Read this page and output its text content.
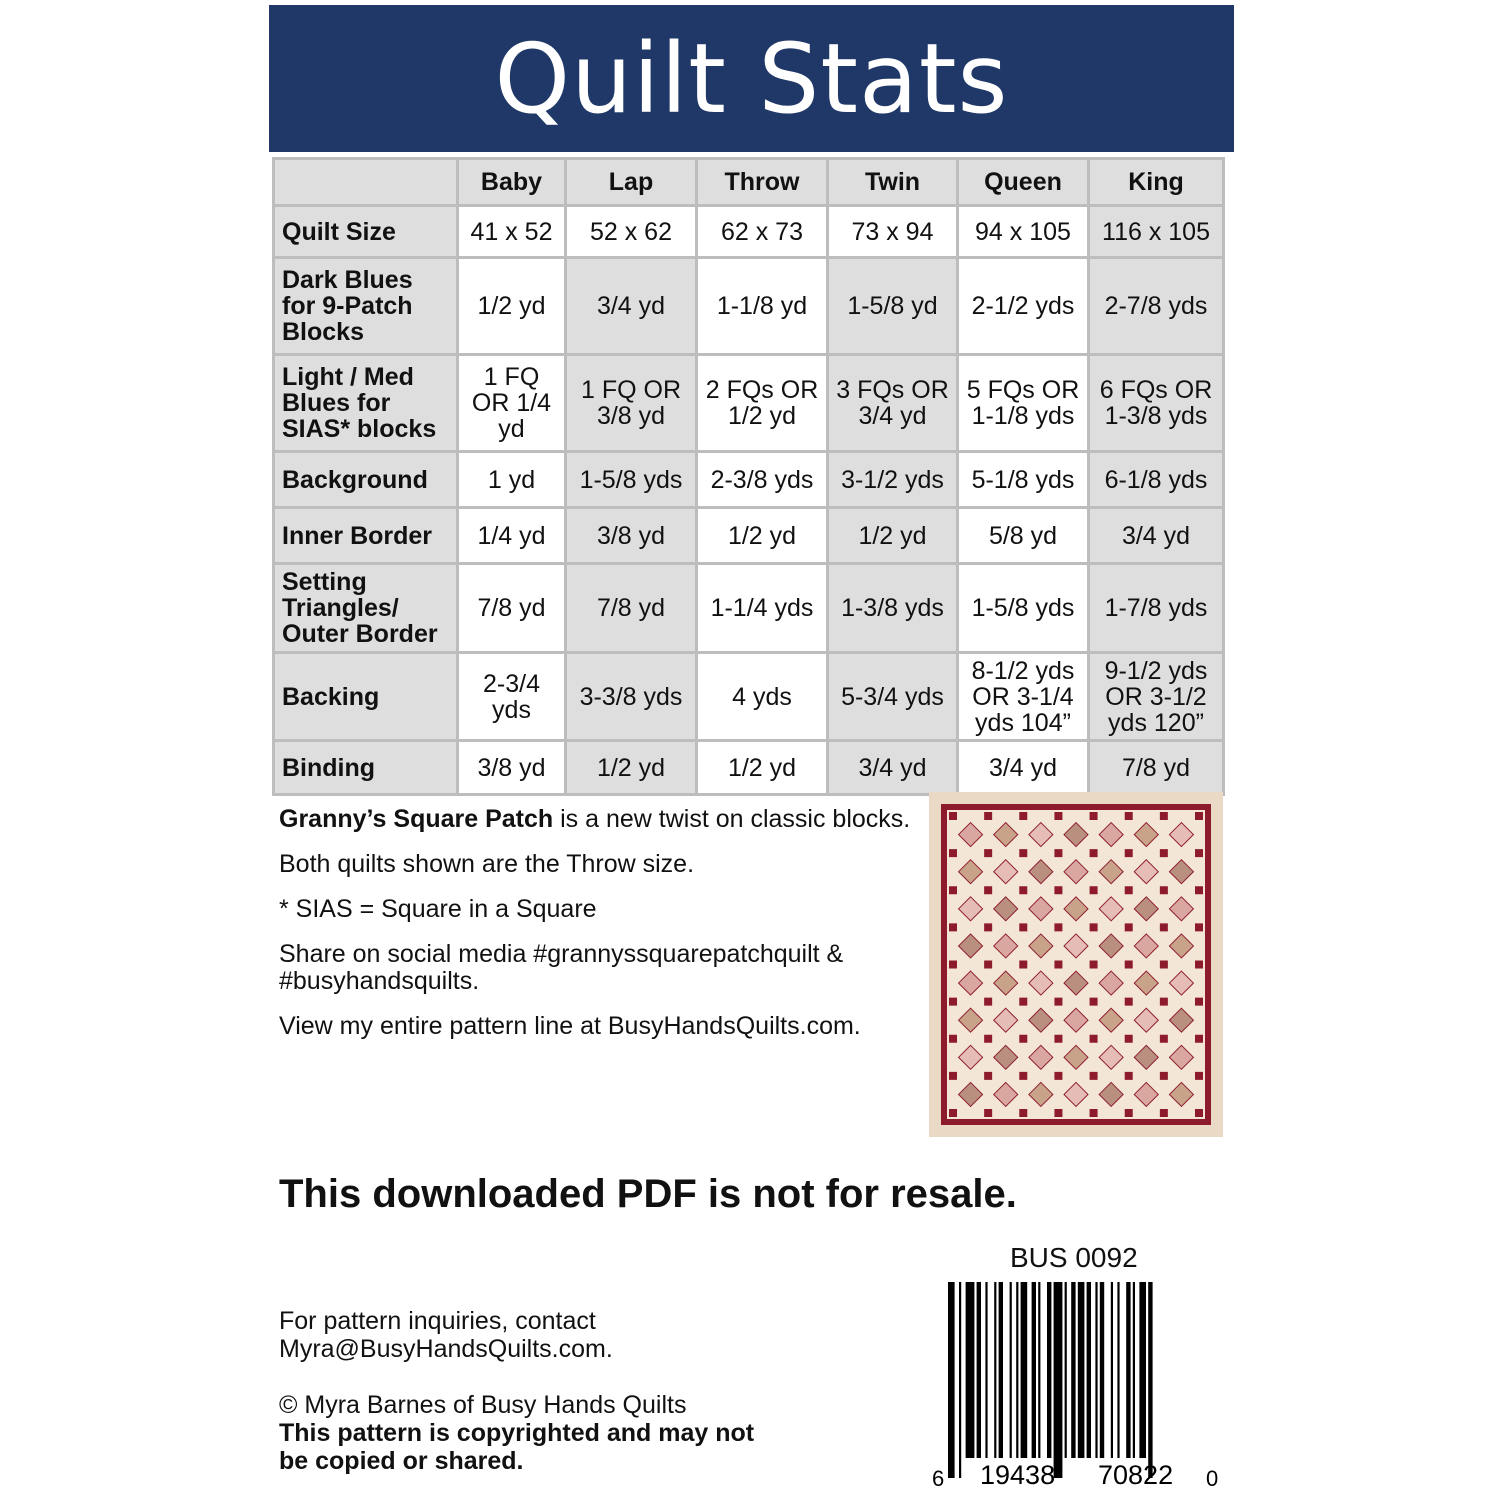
Quilt Stats
	Baby	Lap	Throw	Twin	Queen	King
Quilt Size	41 x 52	52 x 62	62 x 73	73 x 94	94 x 105	116 x 105
Dark Blues for 9-Patch Blocks	1/2 yd	3/4 yd	1-1/8 yd	1-5/8 yd	2-1/2 yds	2-7/8 yds
Light / Med Blues for SIAS* blocks	1 FQ OR 1/4 yd	1 FQ OR 3/8 yd	2 FQs OR 1/2 yd	3 FQs OR 3/4 yd	5 FQs OR 1-1/8 yds	6 FQs OR 1-3/8 yds
Background	1 yd	1-5/8 yds	2-3/8 yds	3-1/2 yds	5-1/8 yds	6-1/8 yds
Inner Border	1/4 yd	3/8 yd	1/2 yd	1/2 yd	5/8 yd	3/4 yd
Setting Triangles/ Outer Border	7/8 yd	7/8 yd	1-1/4 yds	1-3/8 yds	1-5/8 yds	1-7/8 yds
Backing	2-3/4 yds	3-3/8 yds	4 yds	5-3/4 yds	8-1/2 yds OR 3-1/4 yds 104”	9-1/2 yds OR 3-1/2 yds 120”
Binding	3/8 yd	1/2 yd	1/2 yd	3/4 yd	3/4 yd	7/8 yd

Granny’s Square Patch is a new twist on classic blocks.

Both quilts shown are the Throw size.

* SIAS = Square in a Square

Share on social media #grannyssquarepatchquilt & #busyhandsquilts.

View my entire pattern line at BusyHandsQuilts.com.

This downloaded PDF is not for resale.
BUS 0092
6 19438 70822 0
For pattern inquiries, contact
Myra@BusyHandsQuilts.com.
© Myra Barnes of Busy Hands Quilts
This pattern is copyrighted and may not be copied or shared.
